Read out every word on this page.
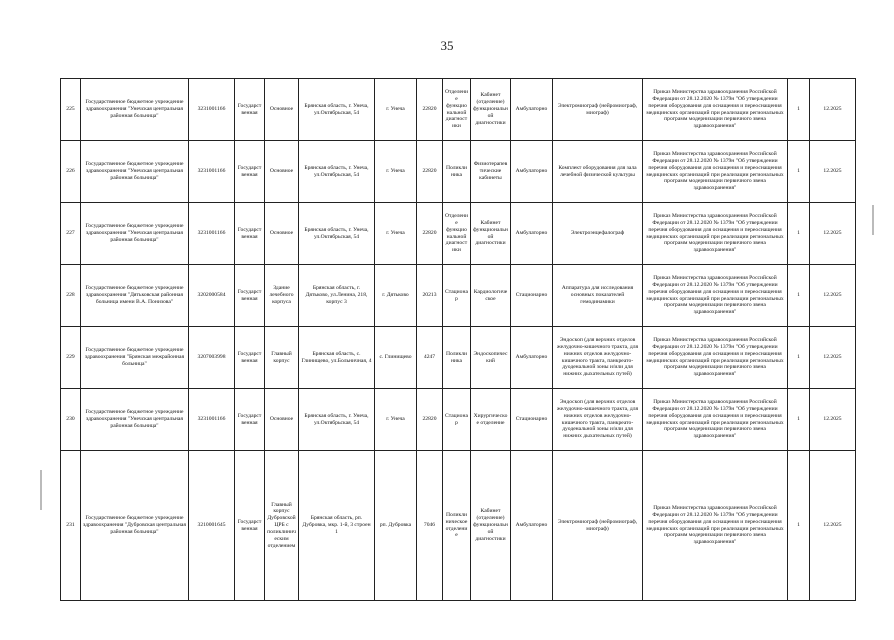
35
225	Государственное бюджетное учреждение здравоохранения "Унечская центральная районная больница"	3231001166	Государственная	Основное	Брянская область, г. Унеча, ул.Октябрьская, 54	г. Унеча	22820	Отделение функциональной диагностики	Кабинет (отделение) функциональной диагностики	Амбулаторно	Электромиограф (нейромиограф, миограф)	Приказ Министерства здравоохранения Российской Федерации от 28.12.2020 № 1379н "Об утверждении перечня оборудования для оснащения и переоснащения медицинских организаций при реализации региональных программ модернизации первичного звена здравоохранения"	1	12.2025
226	Государственное бюджетное учреждение здравоохранения "Унечская центральная районная больница"	3231001166	Государственная	Основное	Брянская область, г. Унеча, ул.Октябрьская, 54	г. Унеча	22820	Поликлиника	Физиотерапевтические кабинеты	Амбулаторно	Комплект оборудования для зала лечебной физической культуры	Приказ Министерства здравоохранения Российской Федерации от 28.12.2020 № 1379н "Об утверждении перечня оборудования для оснащения и переоснащения медицинских организаций при реализации региональных программ модернизации первичного звена здравоохранения"	1	12.2025
227	Государственное бюджетное учреждение здравоохранения "Унечская центральная районная больница"	3231001166	Государственная	Основное	Брянская область, г. Унеча, ул.Октябрьская, 54	г. Унеча	22820	Отделение функциональной диагностики	Кабинет функциональной диагностики	Амбулаторно	Электроэнцефалограф	Приказ Министерства здравоохранения Российской Федерации от 28.12.2020 № 1379н "Об утверждении перечня оборудования для оснащения и переоснащения медицинских организаций при реализации региональных программ модернизации первичного звена здравоохранения"	1	12.2025
228	Государственное бюджетное учреждение здравоохранения "Дятьковская районная больница имени В.А. Понизова"	3202000584	Государственная	Здание лечебного корпуса	Брянская область, г. Дятьково, ул.Ленина, 218, корпус 3	г. Дятьково	20213	Стационар	Кардиологическое	Стационарно	Аппаратура для исследования основных показателей гемодинамики	Приказ Министерства здравоохранения Российской Федерации от 28.12.2020 № 1379н "Об утверждении перечня оборудования для оснащения и переоснащения медицинских организаций при реализации региональных программ модернизации первичного звена здравоохранения"	1	12.2025
229	Государственное бюджетное учреждение здравоохранения "Брянская межрайонная больница"	3207003998	Государственная	Главный корпус	Брянская область, с. Глинищево, ул.Больничная, 4	с. Глинищево	4247	Поликлиника	Эндоскопический	Амбулаторно	Эндоскоп (для верхних отделов желудочно-кишечного тракта, для нижних отделов желудочно-кишечного тракта, панкреато-дуоденальной зоны и/или для нижних дыхательных путей)	Приказ Министерства здравоохранения Российской Федерации от 28.12.2020 № 1379н "Об утверждении перечня оборудования для оснащения и переоснащения медицинских организаций при реализации региональных программ модернизации первичного звена здравоохранения"	1	12.2025
230	Государственное бюджетное учреждение здравоохранения "Унечская центральная районная больница"	3231001166	Государственная	Основное	Брянская область, г. Унеча, ул.Октябрьская, 54	г. Унеча	22820	Стационар	Хирургическое отделение	Стационарно	Эндоскоп (для верхних отделов желудочно-кишечного тракта, для нижних отделов желудочно-кишечного тракта, панкреато-дуоденальной зоны и/или для нижних дыхательных путей)	Приказ Министерства здравоохранения Российской Федерации от 28.12.2020 № 1379н "Об утверждении перечня оборудования для оснащения и переоснащения медицинских организаций при реализации региональных программ модернизации первичного звена здравоохранения"	1	12.2025
231	Государственное бюджетное учреждение здравоохранения "Дубровская центральная районная больница"	3210001645	Государственная	Главный корпус Дубровской ЦРБ с поликлиническим отделением	Брянская область, рп. Дубровка, мкр. 1-й, 3 строен 1	рп. Дубровка	7046	Поликлиническое отделение	Кабинет (отделение) функциональной диагностики	Амбулаторно	Электромиограф (нейромиограф, миограф)	Приказ Министерства здравоохранения Российской Федерации от 28.12.2020 № 1379н "Об утверждении перечня оборудования для оснащения и переоснащения медицинских организаций при реализации региональных программ модернизации первичного звена здравоохранения"	1	12.2025
